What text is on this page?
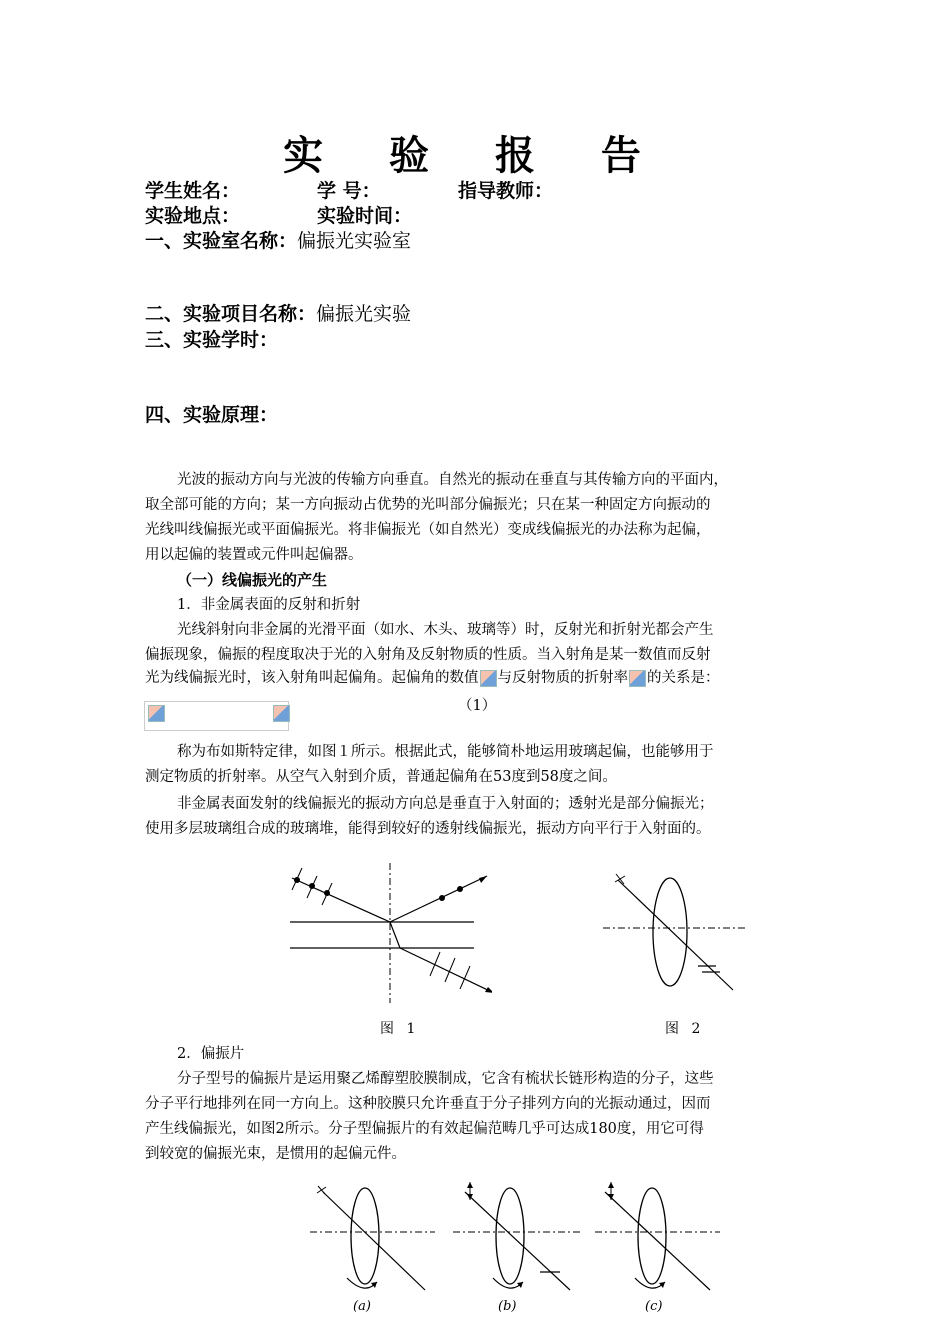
实 验 报 告
学生姓名：	学 号：	指导教师：
实验地点：	实验时间：
一、实验室名称：偏振光实验室
二、实验项目名称：偏振光实验
三、实验学时：
四、实验原理：
光波的振动方向与光波的传输方向垂直。自然光的振动在垂直与其传输方向的平面内，
取全部可能的方向；某一方向振动占优势的光叫部分偏振光；只在某一种固定方向振动的
光线叫线偏振光或平面偏振光。将非偏振光（如自然光）变成线偏振光的办法称为起偏，
用以起偏的装置或元件叫起偏器。
（一）线偏振光的产生
1．非金属表面的反射和折射
光线斜射向非金属的光滑平面（如水、木头、玻璃等）时，反射光和折射光都会产生
偏振现象，偏振的程度取决于光的入射角及反射物质的性质。当入射角是某一数值而反射
光为线偏振光时，该入射角叫起偏角。起偏角的数值 与反射物质的折射率 的关系是：
（1）
称为布如斯特定律，如图１所示。根据此式，能够简朴地运用玻璃起偏，也能够用于
测定物质的折射率。从空气入射到介质，普通起偏角在53度到58度之间。
非金属表面发射的线偏振光的振动方向总是垂直于入射面的；透射光是部分偏振光；
使用多层玻璃组合成的玻璃堆，能得到较好的透射线偏振光，振动方向平行于入射面的。
图 1	图 2
2．偏振片
分子型号的偏振片是运用聚乙烯醇塑胶膜制成，它含有梳状长链形构造的分子，这些
分子平行地排列在同一方向上。这种胶膜只允许垂直于分子排列方向的光振动通过，因而
产生线偏振光，如图2所示。分子型偏振片的有效起偏范畴几乎可达成180度，用它可得
到较宽的偏振光束，是惯用的起偏元件。
(a)	(b)	(c)
